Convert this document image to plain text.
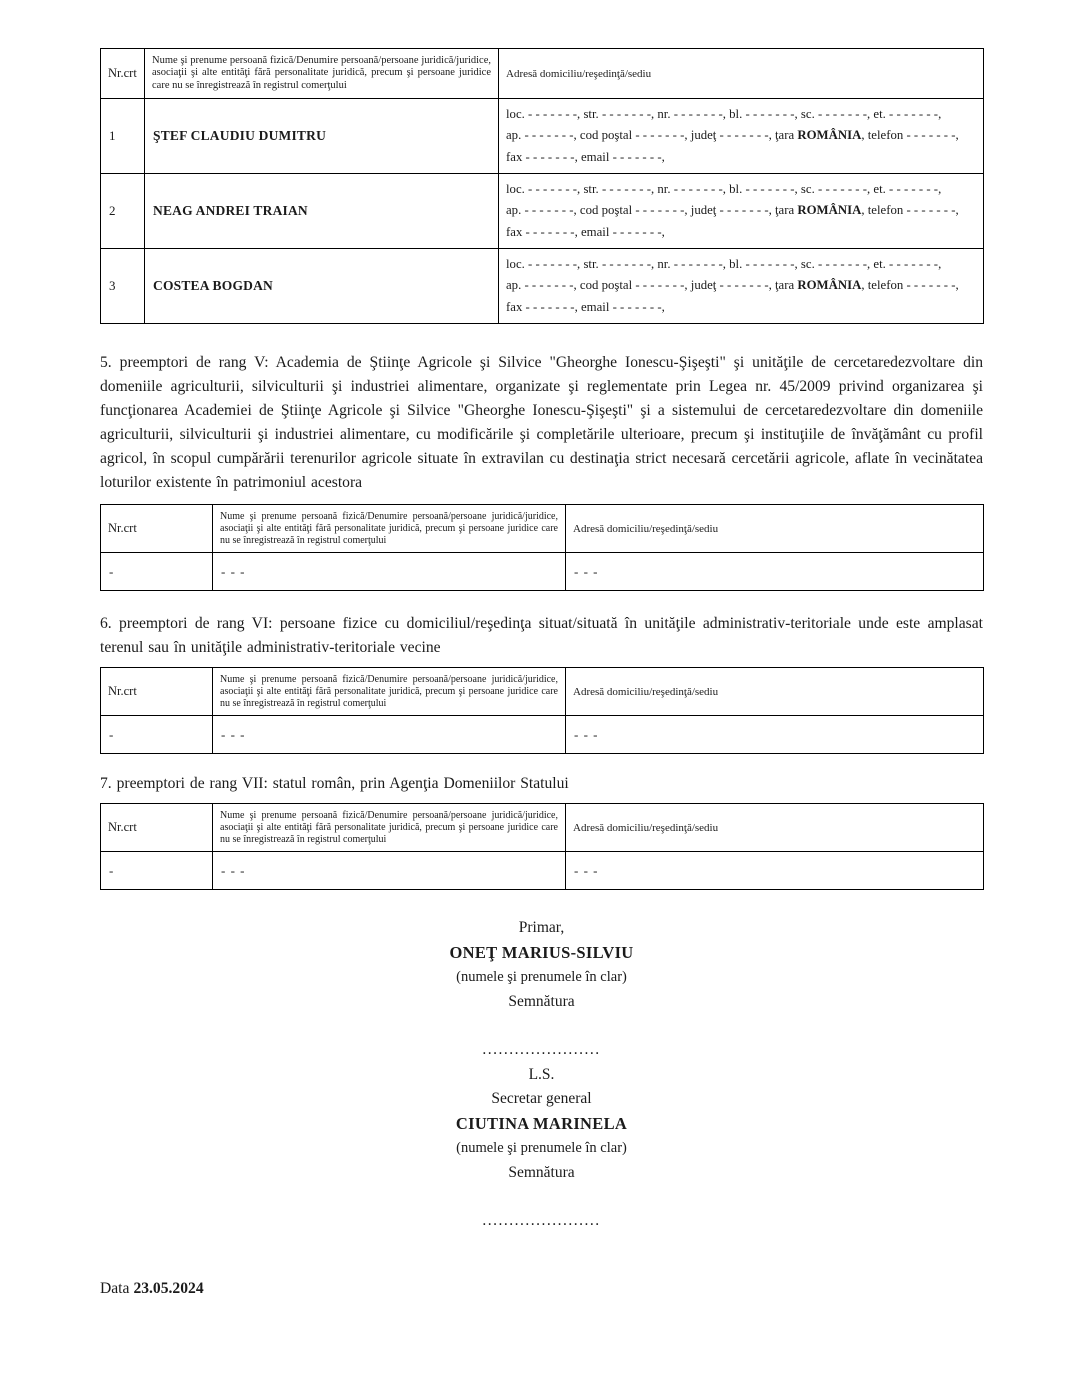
Nr.crt	Nume şi prenume persoană fizică/Denumire persoană/persoane juridică/juridice, asociaţii şi alte entităţi fără personalitate juridică, precum şi persoane juridice care nu se înregistrează în registrul comerţului	Adresă domiciliu/reşedinţă/sediu
1	ŞTEF CLAUDIU DUMITRU	loc. - - - - - - -, str. - - - - - - -, nr. - - - - - - -, bl. - - - - - - -, sc. - - - - - - -, et. - - - - - - -,
ap. - - - - - - -, cod poştal - - - - - - -, judeţ - - - - - - -, ţara ROMÂNIA, telefon - - - - - - -,
fax - - - - - - -, email - - - - - - -,

2	NEAG ANDREI TRAIAN	loc. - - - - - - -, str. - - - - - - -, nr. - - - - - - -, bl. - - - - - - -, sc. - - - - - - -, et. - - - - - - -,
ap. - - - - - - -, cod poştal - - - - - - -, judeţ - - - - - - -, ţara ROMÂNIA, telefon - - - - - - -,
fax - - - - - - -, email - - - - - - -,

3	COSTEA BOGDAN	loc. - - - - - - -, str. - - - - - - -, nr. - - - - - - -, bl. - - - - - - -, sc. - - - - - - -, et. - - - - - - -,
ap. - - - - - - -, cod poştal - - - - - - -, judeţ - - - - - - -, ţara ROMÂNIA, telefon - - - - - - -,
fax - - - - - - -, email - - - - - - -,

5. preemptori de rang V: Academia de Ştiinţe Agricole şi Silvice "Gheorghe Ionescu-Şişeşti" şi unităţile de cercetaredezvoltare din domeniile agriculturii, silviculturii şi industriei alimentare, organizate şi reglementate prin Legea nr. 45/2009 privind organizarea şi funcţionarea Academiei de Ştiinţe Agricole şi Silvice "Gheorghe Ionescu-Şişeşti" şi a sistemului de cercetaredezvoltare din domeniile agriculturii, silviculturii şi industriei alimentare, cu modificările şi completările ulterioare, precum şi instituţiile de învăţământ cu profil agricol, în scopul cumpărării terenurilor agricole situate în extravilan cu destinaţia strict necesară cercetării agricole, aflate în vecinătatea loturilor existente în patrimoniul acestora

Nr.crt	Nume şi prenume persoană fizică/Denumire persoană/persoane juridică/juridice, asociaţii şi alte entităţi fără personalitate juridică, precum şi persoane juridice care nu se înregistrează în registrul comerţului	Adresă domiciliu/reşedinţă/sediu
-	- - -	- - -

6. preemptori de rang VI: persoane fizice cu domiciliul/reşedinţa situat/situată în unităţile administrativ-teritoriale unde este amplasat terenul sau în unităţile administrativ-teritoriale vecine

Nr.crt	Nume şi prenume persoană fizică/Denumire persoană/persoane juridică/juridice, asociaţii şi alte entităţi fără personalitate juridică, precum şi persoane juridice care nu se înregistrează în registrul comerţului	Adresă domiciliu/reşedinţă/sediu
-	- - -	- - -

7. preemptori de rang VII: statul român, prin Agenţia Domeniilor Statului

Nr.crt	Nume şi prenume persoană fizică/Denumire persoană/persoane juridică/juridice, asociaţii şi alte entităţi fără personalitate juridică, precum şi persoane juridice care nu se înregistrează în registrul comerţului	Adresă domiciliu/reşedinţă/sediu
-	- - -	- - -
Primar,
ONEŢ MARIUS-SILVIU
(numele şi prenumele în clar)
Semnătura
......................
L.S.
Secretar general
CIUTINA MARINELA
(numele şi prenumele în clar)
Semnătura
......................
Data 23.05.2024
